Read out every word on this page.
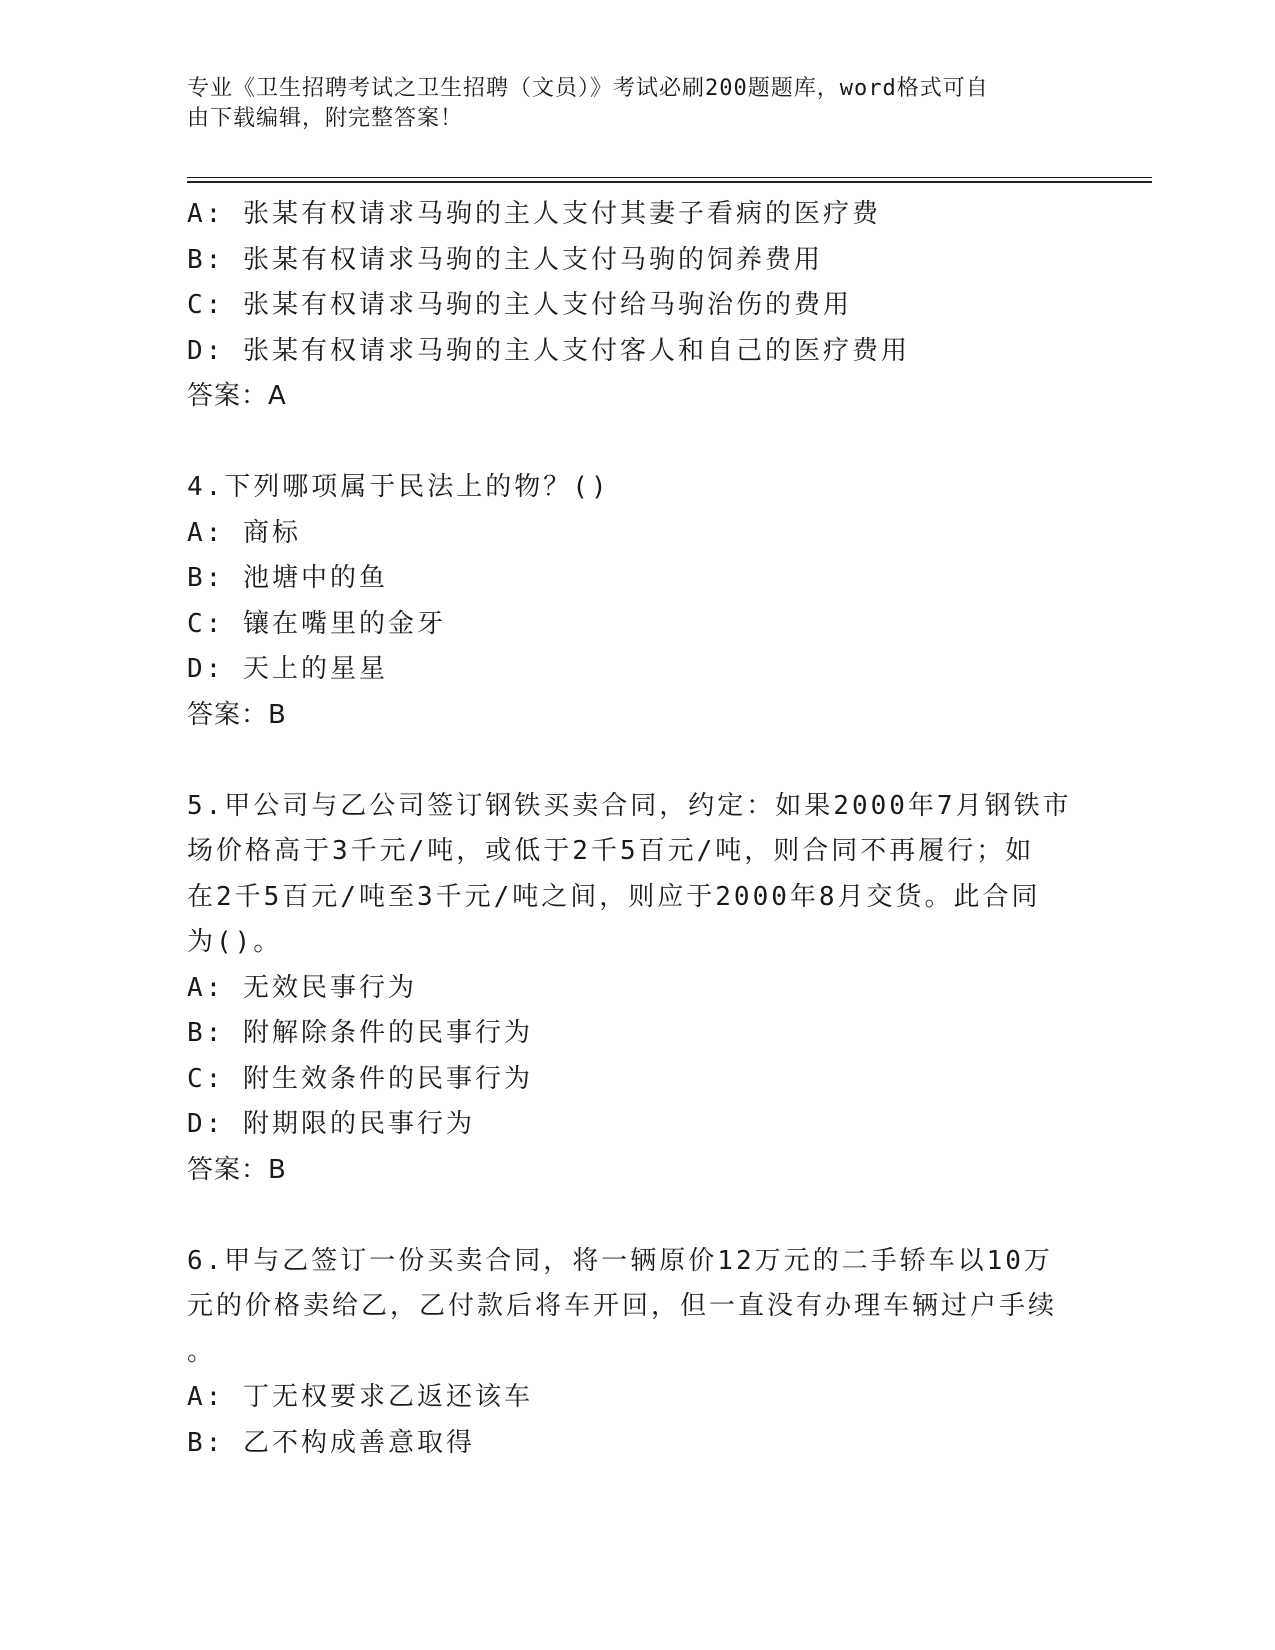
专业《卫生招聘考试之卫生招聘（文员）》考试必刷200题题库，word格式可自
由下载编辑，附完整答案！
A: 张某有权请求马驹的主人支付其妻子看病的医疗费
B: 张某有权请求马驹的主人支付马驹的饲养费用
C: 张某有权请求马驹的主人支付给马驹治伤的费用
D: 张某有权请求马驹的主人支付客人和自己的医疗费用
答案：A
4.下列哪项属于民法上的物？()
A: 商标
B: 池塘中的鱼
C: 镶在嘴里的金牙
D: 天上的星星
答案：B
5.甲公司与乙公司签订钢铁买卖合同，约定：如果2000年7月钢铁市
场价格高于3千元/吨，或低于2千5百元/吨，则合同不再履行；如
在2千5百元/吨至3千元/吨之间，则应于2000年8月交货。此合同
为()。
A: 无效民事行为
B: 附解除条件的民事行为
C: 附生效条件的民事行为
D: 附期限的民事行为
答案：B
6.甲与乙签订一份买卖合同，将一辆原价12万元的二手轿车以10万
元的价格卖给乙，乙付款后将车开回，但一直没有办理车辆过户手续
。
A: 丁无权要求乙返还该车
B: 乙不构成善意取得
